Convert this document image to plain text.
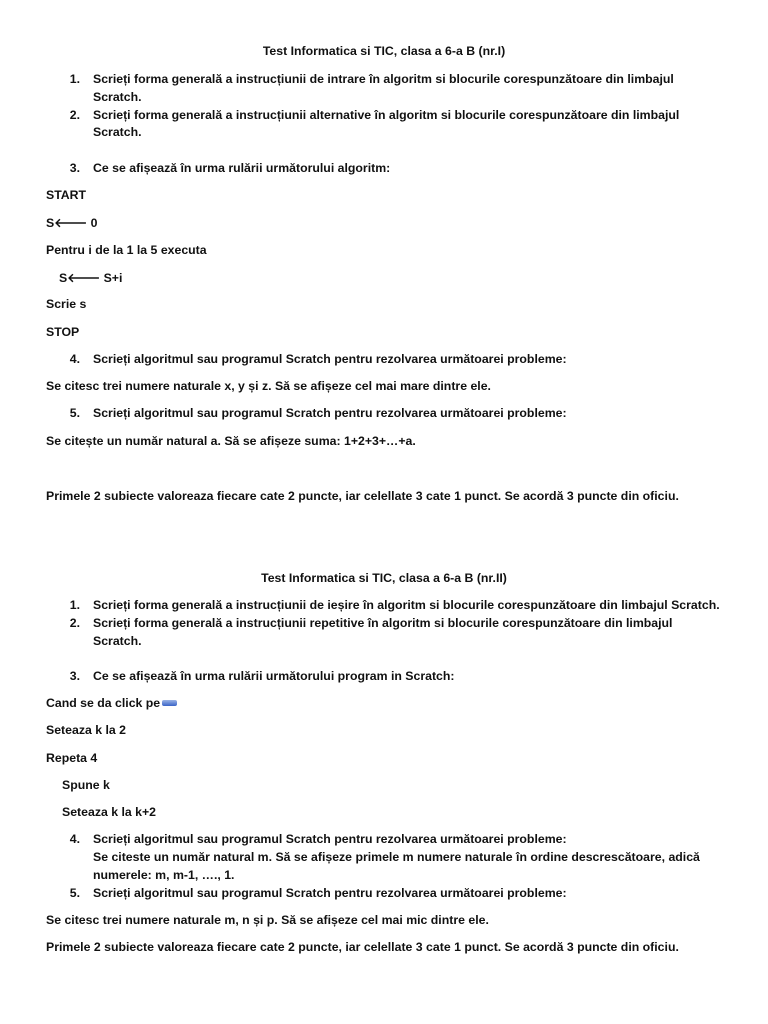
Test Informatica si TIC, clasa a 6-a B (nr.I)
1. Scrieți forma generală a instrucțiunii de intrare în algoritm si blocurile corespunzătoare din limbajul
Scratch.
2. Scrieți forma generală a instrucțiunii alternative în algoritm si blocurile corespunzătoare din limbajul
Scratch.
3. Ce se afișează în urma rulării următorului algoritm:
START
S🡐 0
Pentru i de la 1 la 5 executa
S🡐 S+i
Scrie s
STOP
4. Scrieți algoritmul sau programul Scratch pentru rezolvarea următoarei probleme:
Se citesc trei numere naturale x, y și z. Să se afișeze cel mai mare dintre ele.
5. Scrieți algoritmul sau programul Scratch pentru rezolvarea următoarei probleme:
Se citește un număr natural a. Să se afișeze suma: 1+2+3+…+a.
Primele 2 subiecte valoreaza fiecare cate 2 puncte, iar celellate 3 cate 1 punct. Se acordă 3 puncte din oficiu.
Test Informatica si TIC, clasa a 6-a B (nr.II)
1. Scrieți forma generală a instrucțiunii de ieșire în algoritm si blocurile corespunzătoare din limbajul Scratch.
2. Scrieți forma generală a instrucțiunii repetitive în algoritm si blocurile corespunzătoare din limbajul
Scratch.
3. Ce se afișează în urma rulării următorului program in Scratch:
Cand se da click pe
Seteaza k la 2
Repeta 4
Spune k
Seteaza k la k+2
4. Scrieți algoritmul sau programul Scratch pentru rezolvarea următoarei probleme:
Se citeste un număr natural m. Să se afișeze primele m numere naturale în ordine descrescătoare, adică
numerele: m, m-1, …., 1.
5. Scrieți algoritmul sau programul Scratch pentru rezolvarea următoarei probleme:
Se citesc trei numere naturale m, n și p. Să se afișeze cel mai mic dintre ele.
Primele 2 subiecte valoreaza fiecare cate 2 puncte, iar celellate 3 cate 1 punct. Se acordă 3 puncte din oficiu.
